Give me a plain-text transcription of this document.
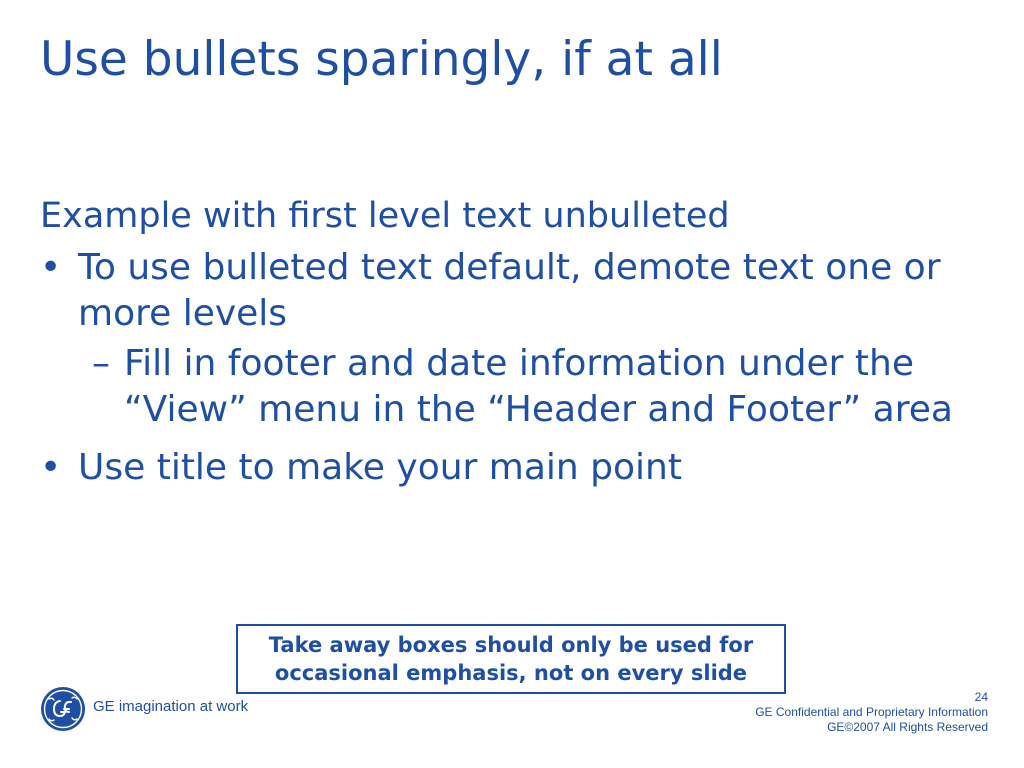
Use bullets sparingly, if at all
Example with first level text unbulleted
• To use bulleted text default, demote text one or more levels
– Fill in footer and date information under the “View” menu in the “Header and Footer” area
• Use title to make your main point
Take away boxes should only be used for occasional emphasis, not on every slide
GE imagination at work
24
GE Confidential and Proprietary Information
GE©2007 All Rights Reserved
